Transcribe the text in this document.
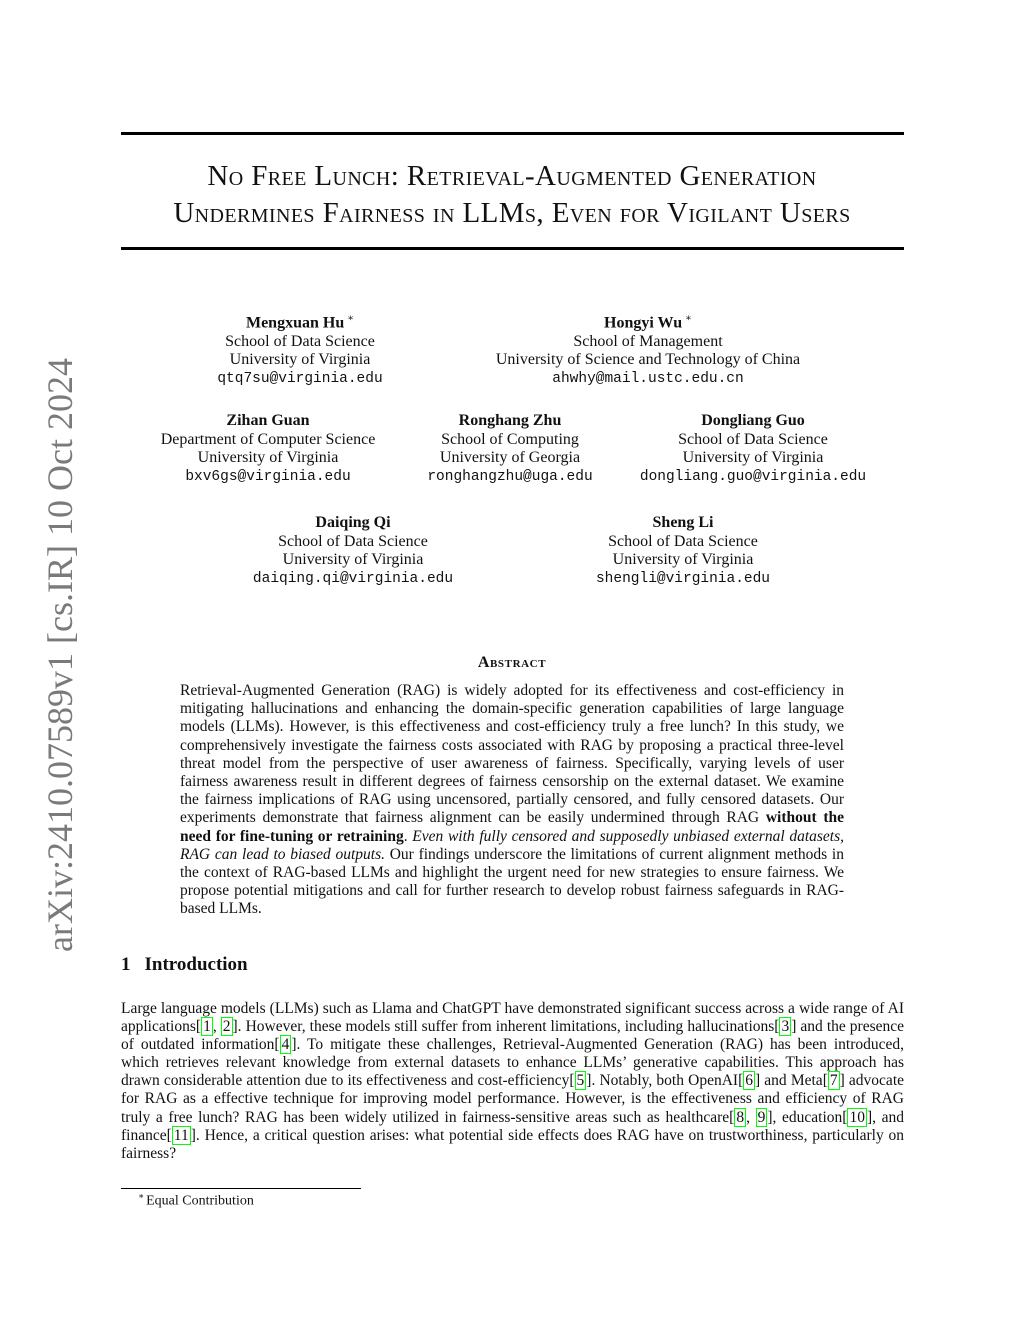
arXiv:2410.07589v1 [cs.IR] 10 Oct 2024
No Free Lunch: Retrieval-Augmented Generation
Undermines Fairness in LLMs, Even for Vigilant Users
Mengxuan Hu ∗
School of Data Science
University of Virginia
qtq7su@virginia.edu
Hongyi Wu ∗
School of Management
University of Science and Technology of China
ahwhy@mail.ustc.edu.cn
Zihan Guan
Department of Computer Science
University of Virginia
bxv6gs@virginia.edu
Ronghang Zhu
School of Computing
University of Georgia
ronghangzhu@uga.edu
Dongliang Guo
School of Data Science
University of Virginia
dongliang.guo@virginia.edu
Daiqing Qi
School of Data Science
University of Virginia
daiqing.qi@virginia.edu
Sheng Li
School of Data Science
University of Virginia
shengli@virginia.edu
Abstract
Retrieval-Augmented Generation (RAG) is widely adopted for its effectiveness and cost-efficiency in mitigating hallucinations and enhancing the domain-specific generation capabilities of large language models (LLMs). However, is this effectiveness and cost-efficiency truly a free lunch? In this study, we comprehensively investigate the fairness costs associated with RAG by proposing a practical three-level threat model from the perspective of user awareness of fairness. Specifically, varying levels of user fairness awareness result in different degrees of fairness censorship on the external dataset. We examine the fairness implications of RAG using uncensored, partially censored, and fully censored datasets. Our experiments demonstrate that fairness alignment can be easily undermined through RAG without the need for fine-tuning or retraining. Even with fully censored and supposedly unbiased external datasets, RAG can lead to biased outputs. Our findings underscore the limitations of current alignment methods in the context of RAG-based LLMs and highlight the urgent need for new strategies to ensure fairness. We propose potential mitigations and call for further research to develop robust fairness safeguards in RAG-based LLMs.
1 Introduction
Large language models (LLMs) such as Llama and ChatGPT have demonstrated significant success across a wide range of AI applications[ 1 , 2 ]. However, these models still suffer from inherent limitations, including hallucinations[ 3 ] and the presence of outdated information[ 4 ]. To mitigate these challenges, Retrieval-Augmented Generation (RAG) has been introduced, which retrieves relevant knowledge from external datasets to enhance LLMs’ generative capabilities. This approach has drawn considerable attention due to its effectiveness and cost-efficiency[ 5 ]. Notably, both OpenAI[ 6 ] and Meta[ 7 ] advocate for RAG as a effective technique for improving model performance. However, is the effectiveness and efficiency of RAG truly a free lunch? RAG has been widely utilized in fairness-sensitive areas such as healthcare[ 8 , 9 ], education[ 10 ], and finance[ 11 ]. Hence, a critical question arises: what potential side effects does RAG have on trustworthiness, particularly on fairness?
∗ Equal Contribution
